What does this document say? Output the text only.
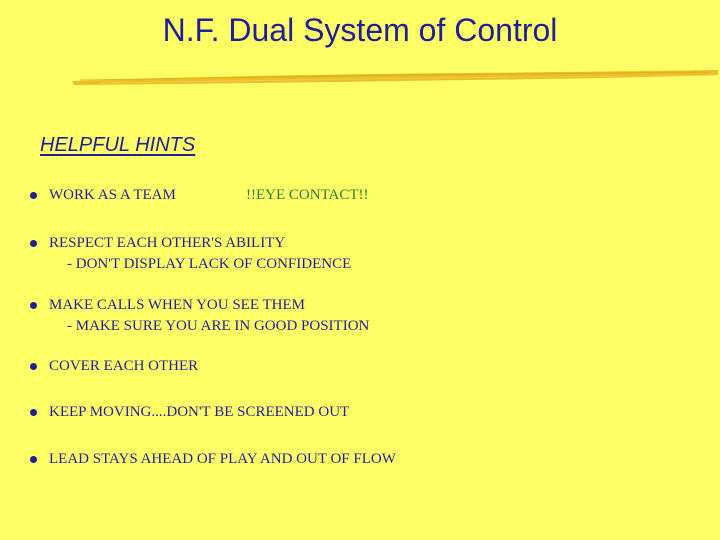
N.F. Dual System of Control
HELPFUL HINTS
WORK AS A TEAM	!!EYE CONTACT!!
RESPECT EACH OTHER'S ABILITY
- DON'T DISPLAY LACK OF CONFIDENCE
MAKE CALLS WHEN YOU SEE THEM
- MAKE SURE YOU ARE IN GOOD POSITION
COVER EACH OTHER
KEEP MOVING....DON'T BE SCREENED OUT
LEAD STAYS AHEAD OF PLAY AND OUT OF FLOW
